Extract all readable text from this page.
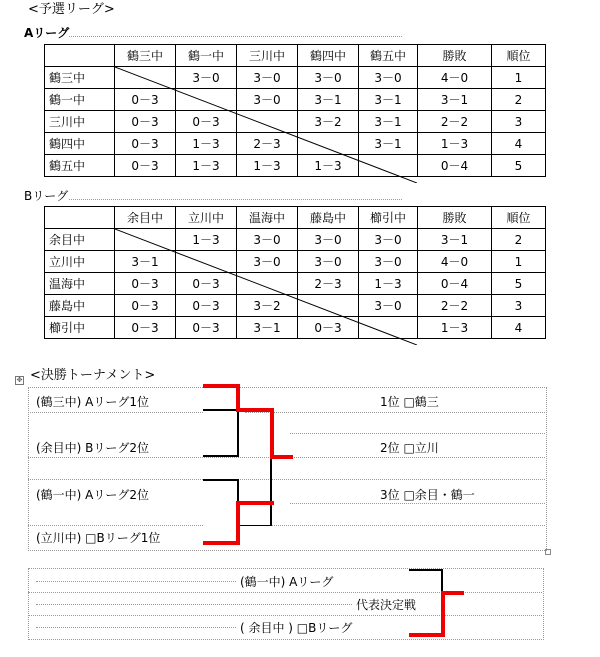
<予選リーグ>
Aリーグ
	鶴三中	鶴一中	三川中	鶴四中	鶴五中	勝敗	順位
鶴三中		3－0	3－0	3－0	3－0	4－0	1
鶴一中	0－3		3－0	3－1	3－1	3－1	2
三川中	0－3	0－3		3－2	3－1	2－2	3
鶴四中	0－3	1－3	2－3		3－1	1－3	4
鶴五中	0－3	1－3	1－3	1－3		0－4	5
Bリーグ
	余目中	立川中	温海中	藤島中	櫛引中	勝敗	順位
余目中		1－3	3－0	3－0	3－0	3－1	2
立川中	3－1		3－0	3－0	3－0	4－0	1
温海中	0－3	0－3		2－3	1－3	0－4	5
藤島中	0－3	0－3	3－2		3－0	2－2	3
櫛引中	0－3	0－3	3－1	0－3		1－3	4
✥ <決勝トーナメント>
(鶴三中) Aリーグ1位
(余目中) Bリーグ2位
(鶴一中) Aリーグ2位
(立川中) □Bリーグ1位
1位 □鶴三
2位 □立川
3位 □余目・鶴一
(鶴一中) Aリーグ
代表決定戦
( 余目中 ) □Bリーグ
